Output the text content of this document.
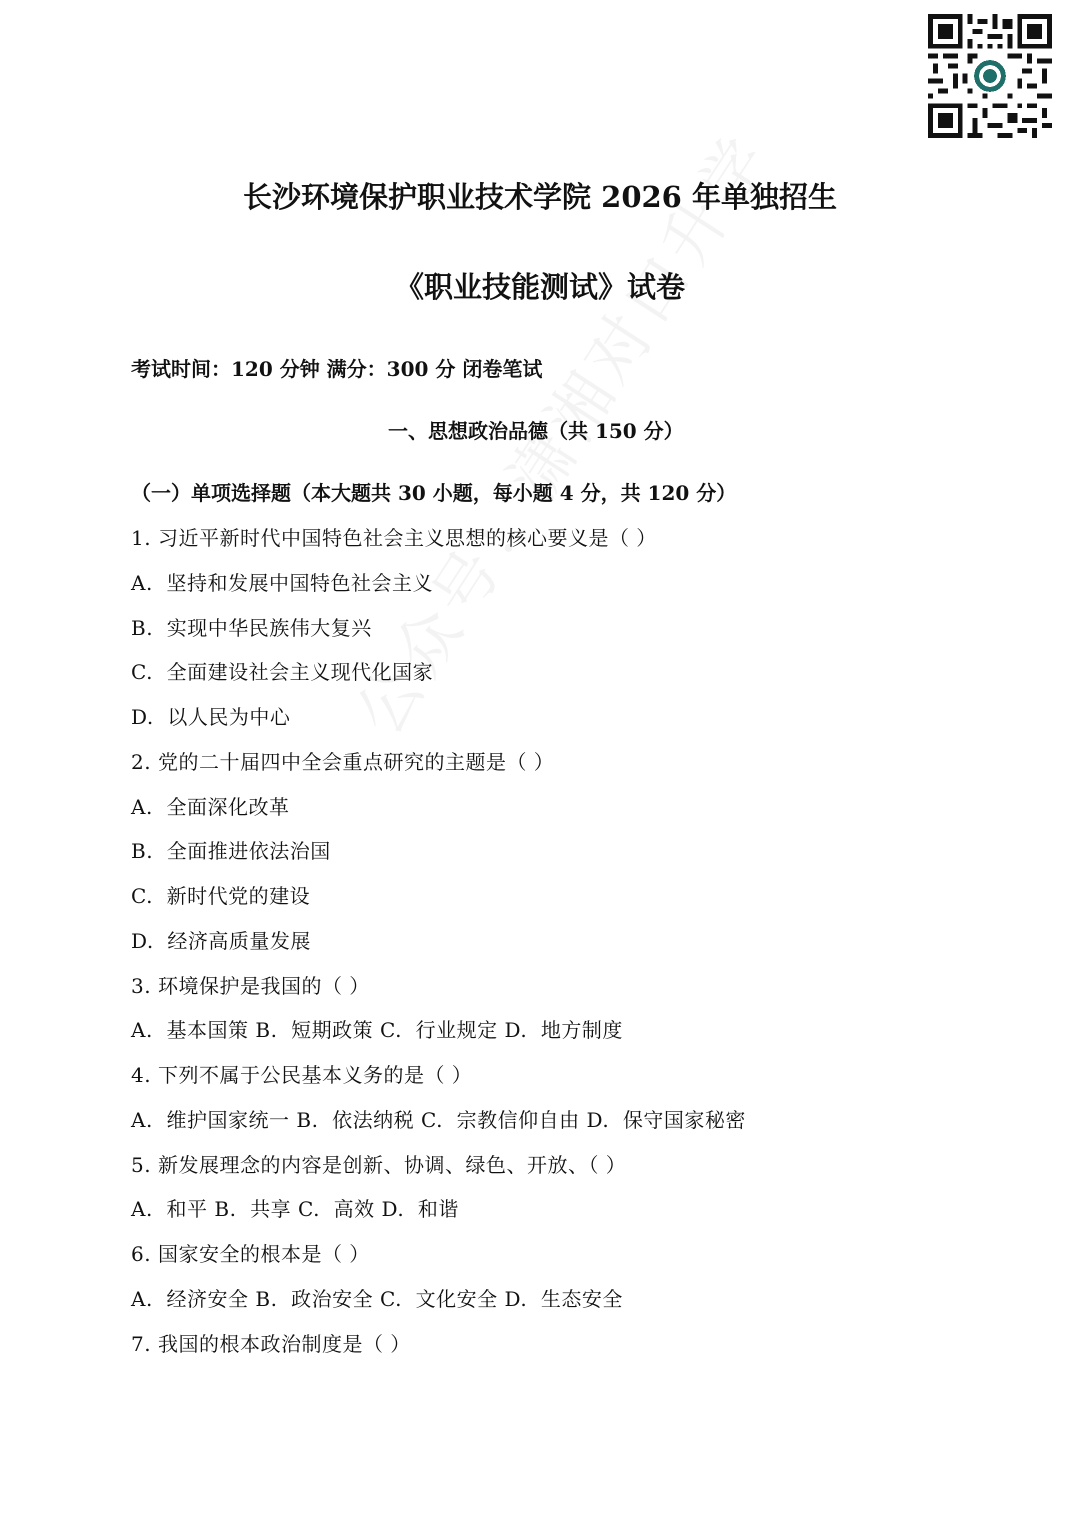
长沙环境保护职业技术学院 2026 年单独招生
《职业技能测试》试卷
考试时间：120 分钟 满分：300 分 闭卷笔试
一、思想政治品德（共 150 分）
（一）单项选择题（本大题共 30 小题，每小题 4 分，共 120 分）
1. 习近平新时代中国特色社会主义思想的核心要义是（ ）
A.  坚持和发展中国特色社会主义
B.  实现中华民族伟大复兴
C.  全面建设社会主义现代化国家
D.  以人民为中心
2. 党的二十届四中全会重点研究的主题是（ ）
A.  全面深化改革
B.  全面推进依法治国
C.  新时代党的建设
D.  经济高质量发展
3. 环境保护是我国的（ ）
A.  基本国策 B.  短期政策 C.  行业规定 D.  地方制度
4. 下列不属于公民基本义务的是（ ）
A.  维护国家统一 B.  依法纳税 C.  宗教信仰自由 D.  保守国家秘密
5. 新发展理念的内容是创新、协调、绿色、开放、（ ）
A.  和平 B.  共享 C.  高效 D.  和谐
6. 国家安全的根本是（ ）
A.  经济安全 B.  政治安全 C.  文化安全 D.  生态安全
7. 我国的根本政治制度是（ ）
